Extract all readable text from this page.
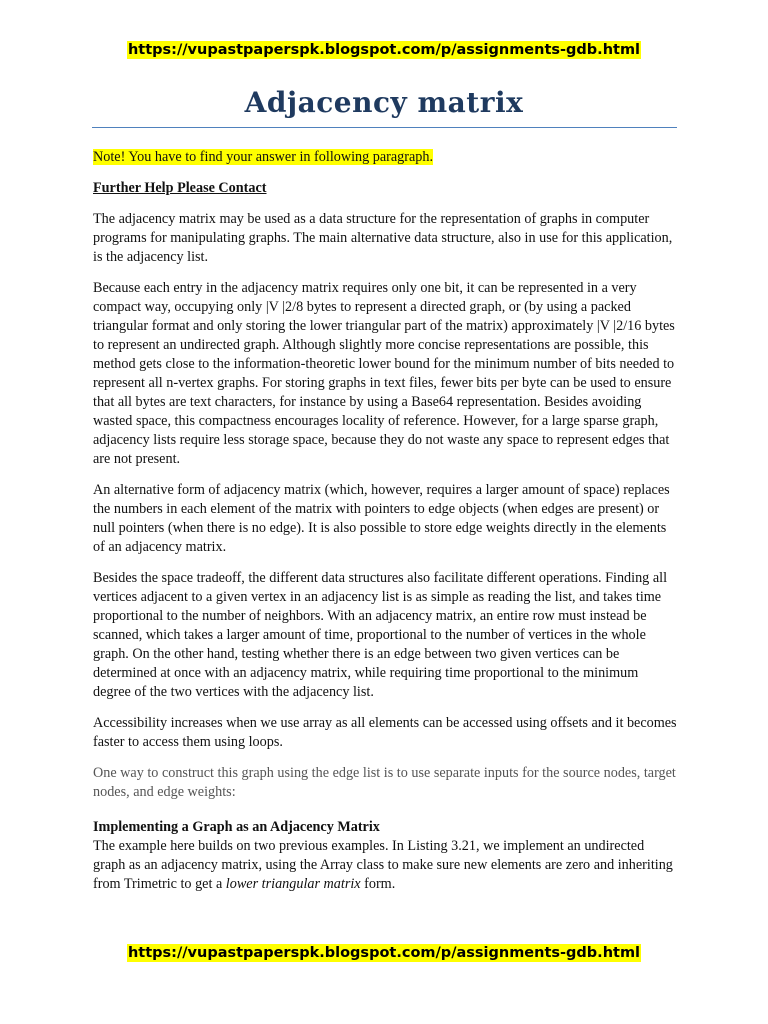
https://vupastpaperspk.blogspot.com/p/assignments-gdb.html
Adjacency matrix

Note! You have to find your answer in following paragraph.

Further Help Please Contact

The adjacency matrix may be used as a data structure for the representation of graphs in computer programs for manipulating graphs. The main alternative data structure, also in use for this application, is the adjacency list.

Because each entry in the adjacency matrix requires only one bit, it can be represented in a very compact way, occupying only |V |2/8 bytes to represent a directed graph, or (by using a packed triangular format and only storing the lower triangular part of the matrix) approximately |V |2/16 bytes to represent an undirected graph. Although slightly more concise representations are possible, this method gets close to the information-theoretic lower bound for the minimum number of bits needed to represent all n-vertex graphs. For storing graphs in text files, fewer bits per byte can be used to ensure that all bytes are text characters, for instance by using a Base64 representation. Besides avoiding wasted space, this compactness encourages locality of reference. However, for a large sparse graph, adjacency lists require less storage space, because they do not waste any space to represent edges that are not present.

An alternative form of adjacency matrix (which, however, requires a larger amount of space) replaces the numbers in each element of the matrix with pointers to edge objects (when edges are present) or null pointers (when there is no edge). It is also possible to store edge weights directly in the elements of an adjacency matrix.

Besides the space tradeoff, the different data structures also facilitate different operations. Finding all vertices adjacent to a given vertex in an adjacency list is as simple as reading the list, and takes time proportional to the number of neighbors. With an adjacency matrix, an entire row must instead be scanned, which takes a larger amount of time, proportional to the number of vertices in the whole graph. On the other hand, testing whether there is an edge between two given vertices can be determined at once with an adjacency matrix, while requiring time proportional to the minimum degree of the two vertices with the adjacency list.

Accessibility increases when we use array as all elements can be accessed using offsets and it becomes faster to access them using loops.

One way to construct this graph using the edge list is to use separate inputs for the source nodes, target nodes, and edge weights:

Implementing a Graph as an Adjacency Matrix

The example here builds on two previous examples. In Listing 3.21, we implement an undirected graph as an adjacency matrix, using the Array class to make sure new elements are zero and inheriting from Trimetric to get a lower triangular matrix form.

https://vupastpaperspk.blogspot.com/p/assignments-gdb.html
